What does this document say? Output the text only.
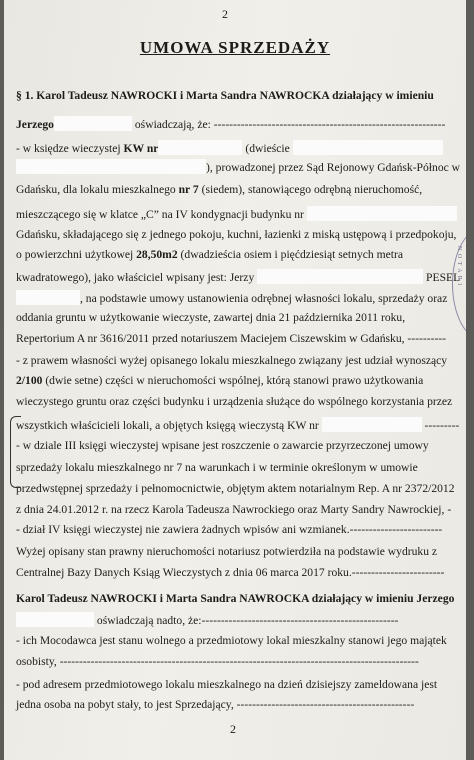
2
UMOWA SPRZEDAŻY
§ 1. Karol Tadeusz NAWROCKI i Marta Sandra NAWROCKA działający w imieniu
Jerzego	oświadczają, że: ------------------------------------------------------------
- w księdze wieczystej KW nr	(dwieście
), prowadzonej przez Sąd Rejonowy Gdańsk-Północ w
Gdańsku, dla lokalu mieszkalnego nr 7 (siedem), stanowiącego odrębną nieruchomość,
mieszczącego się w klatce „C” na IV kondygnacji budynku nr
Gdańsku, składającego się z jednego pokoju, kuchni, łazienki z miską ustępową i przedpokoju,
o powierzchni użytkowej 28,50m2 (dwadzieścia osiem i pięćdziesiąt setnych metra
kwadratowego), jako właściciel wpisany jest: Jerzy	PESEL
, na podstawie umowy ustanowienia odrębnej własności lokalu, sprzedaży oraz
oddania gruntu w użytkowanie wieczyste, zawartej dnia 21 października 2011 roku,
Repertorium A nr 3616/2011 przed notariuszem Maciejem Ciszewskim w Gdańsku, ----------
- z prawem własności wyżej opisanego lokalu mieszkalnego związany jest udział wynoszący
2/100 (dwie setne) części w nieruchomości wspólnej, którą stanowi prawo użytkowania
wieczystego gruntu oraz części budynku i urządzenia służące do wspólnego korzystania przez
wszystkich właścicieli lokali, a objętych księgą wieczystą KW nr	---------
- w dziale III księgi wieczystej wpisane jest roszczenie o zawarcie przyrzeczonej umowy
sprzedaży lokalu mieszkalnego nr 7 na warunkach i w terminie określonym w umowie
przedwstępnej sprzedaży i pełnomocnictwie, objętym aktem notarialnym Rep. A nr 2372/2012
z dnia 24.01.2012 r. na rzecz Karola Tadeusza Nawrockiego oraz Marty Sandry Nawrockiej, -
- dział IV księgi wieczystej nie zawiera żadnych wpisów ani wzmianek.------------------------
Wyżej opisany stan prawny nieruchomości notariusz potwierdziła na podstawie wydruku z
Centralnej Bazy Danych Ksiąg Wieczystych z dnia 06 marca 2017 roku.------------------------
Karol Tadeusz NAWROCKI i Marta Sandra NAWROCKA działający w imieniu Jerzego
oświadczają nadto, że:---------------------------------------------------
- ich Mocodawca jest stanu wolnego a przedmiotowy lokal mieszkalny stanowi jego majątek
osobisty, ---------------------------------------------------------------------------------------------
- pod adresem przedmiotowego lokalu mieszkalnego na dzień dzisiejszy zameldowana jest
jedna osoba na pobyt stały, to jest Sprzedający, ----------------------------------------------
N O T A R I
2
